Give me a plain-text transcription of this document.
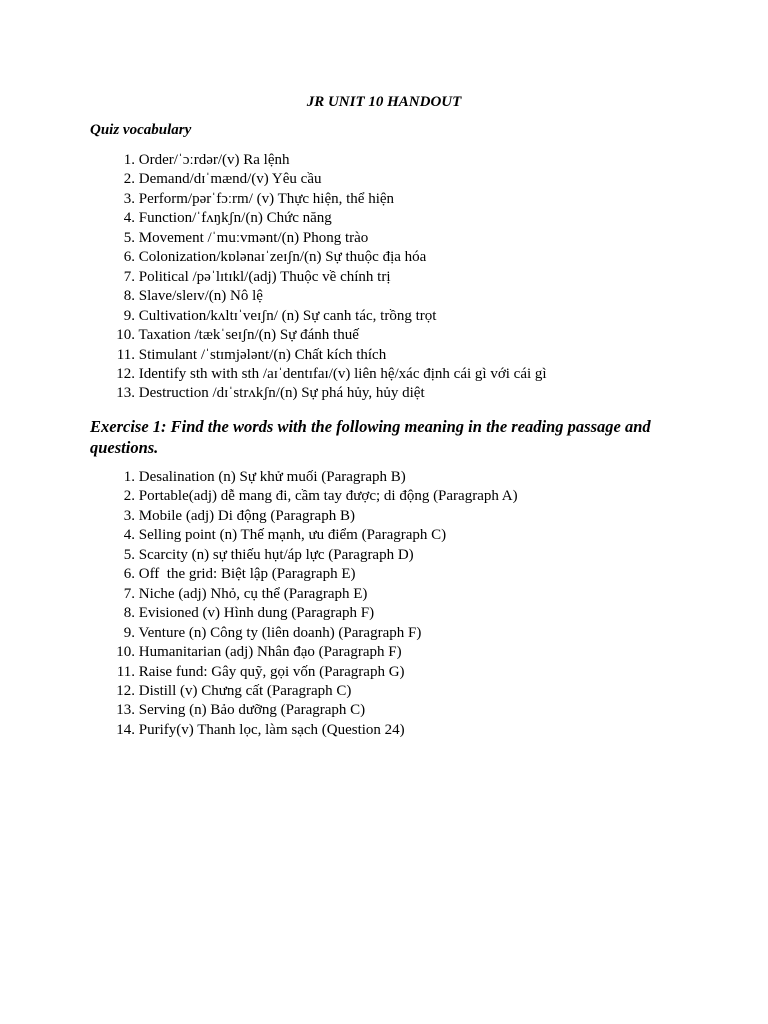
JR UNIT 10 HANDOUT
Quiz vocabulary
1. Order/ˈɔːrdər/(v) Ra lệnh
2. Demand/dɪˈmænd/(v) Yêu cầu
3. Perform/pərˈfɔːrm/ (v) Thực hiện, thể hiện
4. Function/ˈfʌŋkʃn/(n) Chức năng
5. Movement /ˈmuːvmənt/(n) Phong trào
6. Colonization/kɒlənaɪˈzeɪʃn/(n) Sự thuộc địa hóa
7. Political /pəˈlɪtɪkl/(adj) Thuộc về chính trị
8. Slave/sleɪv/(n) Nô lệ
9. Cultivation/kʌltɪˈveɪʃn/ (n) Sự canh tác, trồng trọt
10. Taxation /tækˈseɪʃn/(n) Sự đánh thuế
11. Stimulant /ˈstɪmjələnt/(n) Chất kích thích
12. Identify sth with sth /aɪˈdentɪfaɪ/(v) liên hệ/xác định cái gì với cái gì
13. Destruction /dɪˈstrʌkʃn/(n) Sự phá hủy, hủy diệt
Exercise 1: Find the words with the following meaning in the reading passage and questions.
1. Desalination (n) Sự khử muối (Paragraph B)
2. Portable(adj) dễ mang đi, cầm tay được; di động (Paragraph A)
3. Mobile (adj) Di động (Paragraph B)
4. Selling point (n) Thế mạnh, ưu điểm (Paragraph C)
5. Scarcity (n) sự thiếu hụt/áp lực (Paragraph D)
6. Off  the grid: Biệt lập (Paragraph E)
7. Niche (adj) Nhỏ, cụ thể (Paragraph E)
8. Evisioned (v) Hình dung (Paragraph F)
9. Venture (n) Công ty (liên doanh) (Paragraph F)
10. Humanitarian (adj) Nhân đạo (Paragraph F)
11. Raise fund: Gây quỹ, gọi vốn (Paragraph G)
12. Distill (v) Chưng cất (Paragraph C)
13. Serving (n) Bảo dưỡng (Paragraph C)
14. Purify(v) Thanh lọc, làm sạch (Question 24)
